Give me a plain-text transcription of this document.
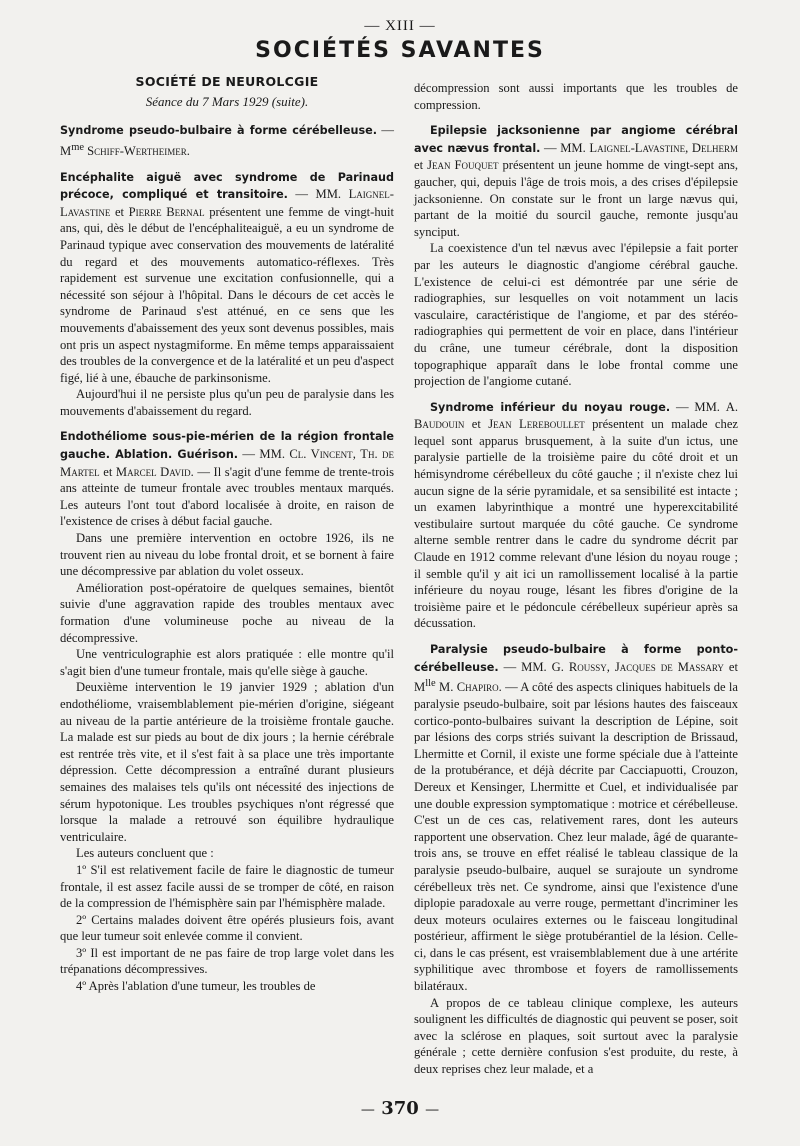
— XIII —
SOCIÉTÉS SAVANTES
SOCIÉTÉ DE NEUROLCGIE
Séance du 7 Mars 1929 (suite).

Syndrome pseudo-bulbaire à forme cérébelleuse. — $M^{me}$ Schiff-Wertheimer.

Encéphalite aiguë avec syndrome de Parinaud précoce, compliqué et transitoire. — MM. Laignel-Lavastine et Pierre Bernal présentent une femme de vingt-huit ans, qui, dès le début de l'encéphaliteaiguë, a eu un syndrome de Parinaud typique avec conservation des mouvements de latéralité du regard et des mouvements automatico-réflexes. Très rapidement est survenue une excitation confusionnelle, qui a nécessité son séjour à l'hôpital. Dans le décours de cet accès le syndrome de Parinaud s'est atténué, en ce sens que les mouvements d'abaissement des yeux sont devenus possibles, mais ont pris un aspect nystagmiforme. En même temps apparaissaient des troubles de la convergence et de la latéralité et un peu d'aspect figé, lié à une, ébauche de parkinsonisme.

Aujourd'hui il ne persiste plus qu'un peu de paralysie dans les mouvements d'abaissement du regard.

Endothéliome sous-pie-mérien de la région frontale gauche. Ablation. Guérison. — MM. Cl. Vincent, Th. de Martel et Marcel David. — Il s'agit d'une femme de trente-trois ans atteinte de tumeur frontale avec troubles mentaux marqués. Les auteurs l'ont tout d'abord localisée à droite, en raison de l'existence de crises à début facial gauche.

Dans une première intervention en octobre 1926, ils ne trouvent rien au niveau du lobe frontal droit, et se bornent à faire une décompressive par ablation du volet osseux.

Amélioration post-opératoire de quelques semaines, bientôt suivie d'une aggravation rapide des troubles mentaux avec formation d'une volumineuse poche au niveau de la décompressive.

Une ventriculographie est alors pratiquée : elle montre qu'il s'agit bien d'une tumeur frontale, mais qu'elle siège à gauche.

Deuxième intervention le 19 janvier 1929 ; ablation d'un endothéliome, vraisemblablement pie-mérien d'origine, siégeant au niveau de la partie antérieure de la troisième frontale gauche. La malade est sur pieds au bout de dix jours ; la hernie cérébrale est rentrée très vite, et il s'est fait à sa place une très importante dépression. Cette décompression a entraîné durant plusieurs semaines des malaises tels qu'ils ont nécessité des injections de sérum hypotonique. Les troubles psychiques n'ont régressé que lorsque la malade a retrouvé son équilibre hydraulique ventriculaire.

Les auteurs concluent que :

1º S'il est relativement facile de faire le diagnostic de tumeur frontale, il est assez facile aussi de se tromper de côté, en raison de la compression de l'hémisphère sain par l'hémisphère malade.

2º Certains malades doivent être opérés plusieurs fois, avant que leur tumeur soit enlevée comme il convient.

3º Il est important de ne pas faire de trop large volet dans les trépanations décompressives.

4º Après l'ablation d'une tumeur, les troubles de

décompression sont aussi importants que les troubles de compression.

Epilepsie jacksonienne par angiome cérébral avec nævus frontal. — MM. Laignel-Lavastine, Delherm et Jean Fouquet présentent un jeune homme de vingt-sept ans, gaucher, qui, depuis l'âge de trois mois, a des crises d'épilepsie jacksonienne. On constate sur le front un large nævus qui, partant de la moitié du sourcil gauche, remonte jusqu'au synciput.

La coexistence d'un tel nævus avec l'épilepsie a fait porter par les auteurs le diagnostic d'angiome cérébral gauche. L'existence de celui-ci est démontrée par une série de radiographies, sur lesquelles on voit notamment un lacis vasculaire, caractéristique de l'angiome, et par des stéréo-radiographies qui permettent de voir en place, dans l'intérieur du crâne, une tumeur cérébrale, dont la disposition topographique apparaît dans le lobe frontal comme une projection de l'angiome cutané.

Syndrome inférieur du noyau rouge. — MM. A. Baudouin et Jean Lereboullet présentent un malade chez lequel sont apparus brusquement, à la suite d'un ictus, une paralysie partielle de la troisième paire du côté droit et un hémisyndrome cérébelleux du côté gauche ; il n'existe chez lui aucun signe de la série pyramidale, et sa sensibilité est intacte ; un examen labyrinthique a montré une hyperexcitabilité vestibulaire surtout marquée du côté gauche. Ce syndrome alterne semble rentrer dans le cadre du syndrome décrit par Claude en 1912 comme relevant d'une lésion du noyau rouge ; il semble qu'il y ait ici un ramollissement localisé à la partie inférieure du noyau rouge, lésant les fibres d'origine de la troisième paire et le pédoncule cérébelleux supérieur après sa décussation.

Paralysie pseudo-bulbaire à forme ponto-cérébelleuse. — MM. G. Roussy, Jacques de Massary et $M^{lle}$ M. Chapiro. — A côté des aspects cliniques habituels de la paralysie pseudo-bulbaire, soit par lésions hautes des faisceaux cortico-ponto-bulbaires suivant la description de Lépine, soit par lésions des corps striés suivant la description de Brissaud, Lhermitte et Cornil, il existe une forme spéciale due à l'atteinte de la protubérance, et déjà décrite par Cacciapuotti, Crouzon, Dereux et Kensinger, Lhermitte et Cuel, et individualisée par une double expression symptomatique : motrice et cérébelleuse. C'est un de ces cas, relativement rares, dont les auteurs rapportent une observation. Chez leur malade, âgé de quarante-trois ans, se trouve en effet réalisé le tableau classique de la paralysie pseudo-bulbaire, auquel se surajoute un syndrome cérébelleux très net. Ce syndrome, ainsi que l'existence d'une diplopie paradoxale au verre rouge, permettant d'incriminer les deux moteurs oculaires externes ou le faisceau longitudinal postérieur, affirment le siège protubérantiel de la lésion. Celle-ci, dans le cas présent, est vraisemblablement due à une artérite syphilitique avec thrombose et foyers de ramollissements bilatéraux.

A propos de ce tableau clinique complexe, les auteurs soulignent les difficultés de diagnostic qui peuvent se poser, soit avec la sclérose en plaques, soit surtout avec la paralysie générale ; cette dernière confusion s'est produite, du reste, à deux reprises chez leur malade, et a

— 370 —
